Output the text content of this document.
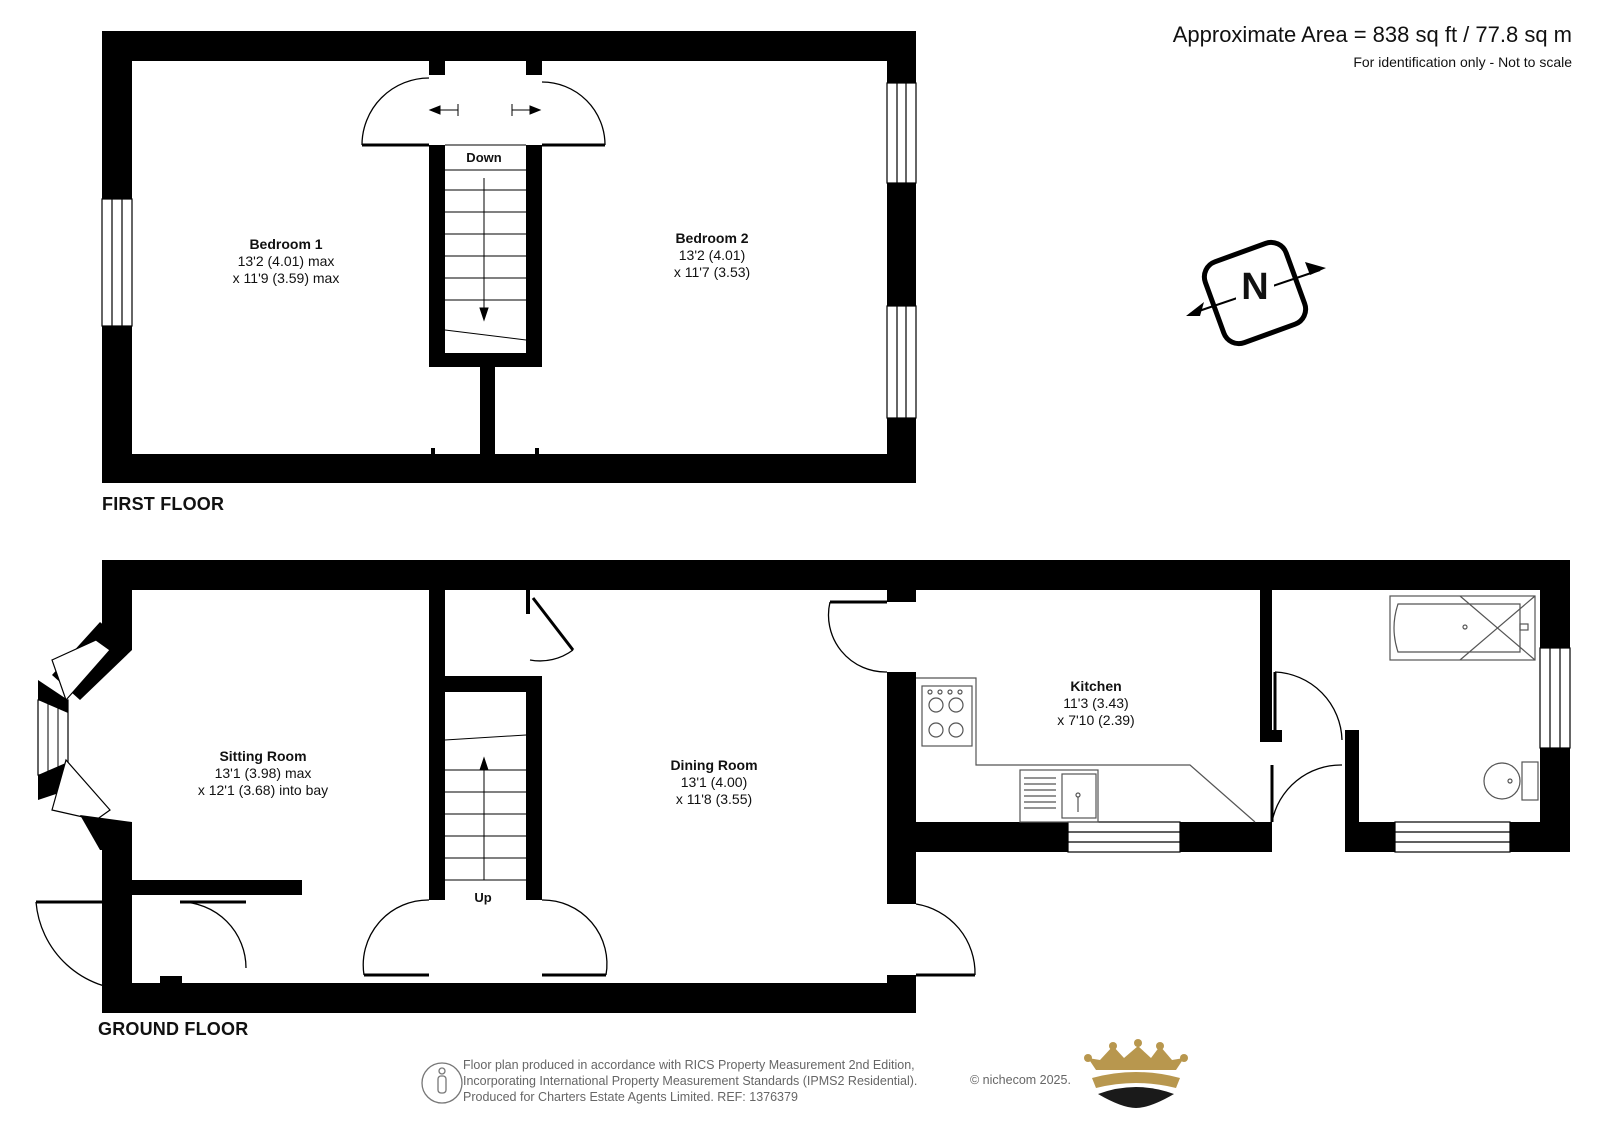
Approximate Area = 838 sq ft / 77.8 sq m
For identification only - Not to scale
N
FIRST FLOOR
GROUND FLOOR
Bedroom 1
13'2 (4.01) max
x 11'9 (3.59) max
Bedroom 2
13'2 (4.01)
x 11'7 (3.53)
Down
Sitting Room
13'1 (3.98) max
x 12'1 (3.68) into bay
Dining Room
13'1 (4.00)
x 11'8 (3.55)
Kitchen
11'3 (3.43)
x 7'10 (2.39)
Up
Floor plan produced in accordance with RICS Property Measurement 2nd Edition,
Incorporating International Property Measurement Standards (IPMS2 Residential).
Produced for Charters Estate Agents Limited. REF: 1376379
© nichecom 2025.
